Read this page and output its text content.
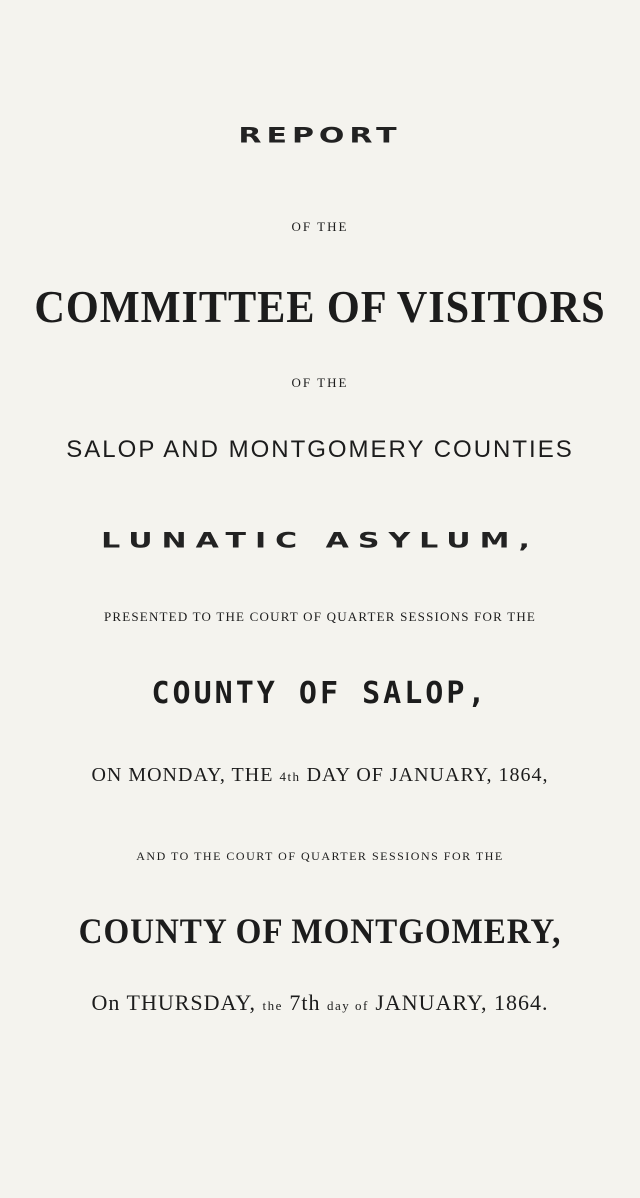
REPORT
OF THE
COMMITTEE OF VISITORS
OF THE
SALOP AND MONTGOMERY COUNTIES
LUNATIC ASYLUM,
PRESENTED TO THE COURT OF QUARTER SESSIONS FOR THE
COUNTY OF SALOP,
ON MONDAY, THE 4th DAY OF JANUARY, 1864,
AND TO THE COURT OF QUARTER SESSIONS FOR THE
COUNTY OF MONTGOMERY,
On THURSDAY, the 7th day of JANUARY, 1864.
